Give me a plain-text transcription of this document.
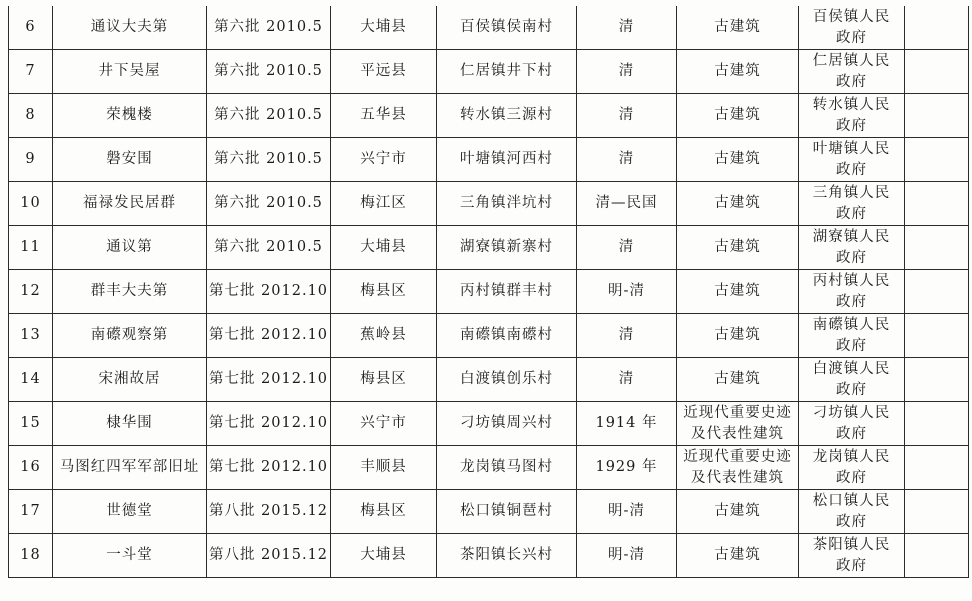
6	通议大夫第	第六批 2010.5	大埔县	百侯镇侯南村	清	古建筑	百侯镇人民政府	
7	井下吴屋	第六批 2010.5	平远县	仁居镇井下村	清	古建筑	仁居镇人民政府	
8	荣槐楼	第六批 2010.5	五华县	转水镇三源村	清	古建筑	转水镇人民政府	
9	磐安围	第六批 2010.5	兴宁市	叶塘镇河西村	清	古建筑	叶塘镇人民政府	
10	福禄发民居群	第六批 2010.5	梅江区	三角镇泮坑村	清—民国	古建筑	三角镇人民政府	
11	通议第	第六批 2010.5	大埔县	湖寮镇新寨村	清	古建筑	湖寮镇人民政府	
12	群丰大夫第	第七批 2012.10	梅县区	丙村镇群丰村	明-清	古建筑	丙村镇人民政府	
13	南礤观察第	第七批 2012.10	蕉岭县	南礤镇南礤村	清	古建筑	南礤镇人民政府	
14	宋湘故居	第七批 2012.10	梅县区	白渡镇创乐村	清	古建筑	白渡镇人民政府	
15	棣华围	第七批 2012.10	兴宁市	刁坊镇周兴村	1914 年	近现代重要史迹及代表性建筑	刁坊镇人民政府	
16	马图红四军军部旧址	第七批 2012.10	丰顺县	龙岗镇马图村	1929 年	近现代重要史迹及代表性建筑	龙岗镇人民政府	
17	世德堂	第八批 2015.12	梅县区	松口镇铜琶村	明-清	古建筑	松口镇人民政府	
18	一斗堂	第八批 2015.12	大埔县	茶阳镇长兴村	明-清	古建筑	茶阳镇人民政府	
